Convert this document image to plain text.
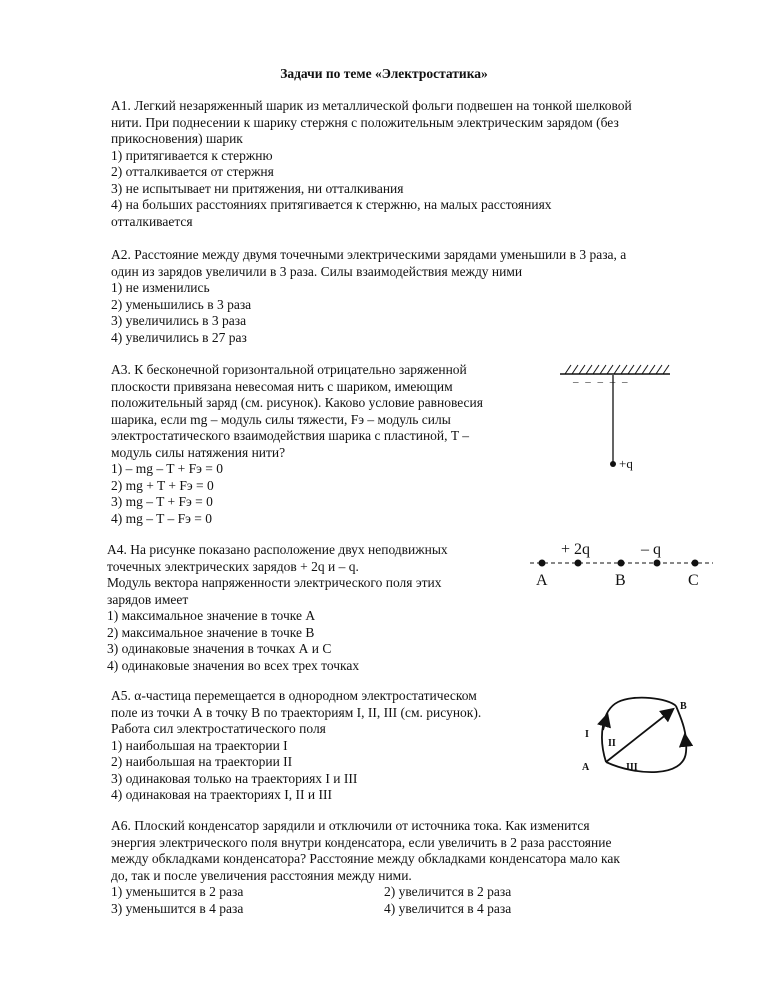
Задачи по теме «Электростатика»
А1. Легкий незаряженный шарик из металлической фольги подвешен на тонкой шелковой
нити. При поднесении к шарику стержня с положительным электрическим зарядом (без
прикосновения) шарик
1) притягивается к стержню
2) отталкивается от стержня
3) не испытывает ни притяжения, ни отталкивания
4) на больших расстояниях притягивается к стержню, на малых расстояниях
отталкивается
А2. Расстояние между двумя точечными электрическими зарядами уменьшили в 3 раза, а
один из зарядов увеличили в 3 раза. Силы взаимодействия между ними
1) не изменились
2) уменьшились в 3 раза
3) увеличились в 3 раза
4) увеличились в 27 раз
А3. К бесконечной горизонтальной отрицательно заряженной
плоскости привязана невесомая нить с шариком, имеющим
положительный заряд (см. рисунок). Каково условие равновесия
шарика, если mg – модуль силы тяжести, Fэ – модуль силы
электростатического взаимодействия шарика с пластиной, T –
модуль силы натяжения нити?
1) – mg – T + Fэ = 0
2) mg + T + Fэ = 0
3) mg – T + Fэ = 0
4) mg – T – Fэ = 0
– – – – –
+q
А4. На рисунке показано расположение двух неподвижных
точечных электрических зарядов + 2q и – q.
Модуль вектора напряженности электрического поля этих
зарядов имеет
1) максимальное значение в точке А
2) максимальное значение в точке В
3) одинаковые значения в точках А и С
4) одинаковые значения во всех трех точках
+ 2q	– q
A	B	C
А5. α-частица перемещается в однородном электростатическом
поле из точки А в точку В по траекториям I, II, III (см. рисунок).
Работа сил электростатического поля
1) наибольшая на траектории I
2) наибольшая на траектории II
3) одинаковая только на траекториях I и III
4) одинаковая на траекториях I, II и III
A
B
I
II
III
А6. Плоский конденсатор зарядили и отключили от источника тока. Как изменится
энергия электрического поля внутри конденсатора, если увеличить в 2 раза расстояние
между обкладками конденсатора? Расстояние между обкладками конденсатора мало как
до, так и после увеличения расстояния между ними.
1) уменьшится в 2 раза	2) увеличится в 2 раза
3) уменьшится в 4 раза	4) увеличится в 4 раза
